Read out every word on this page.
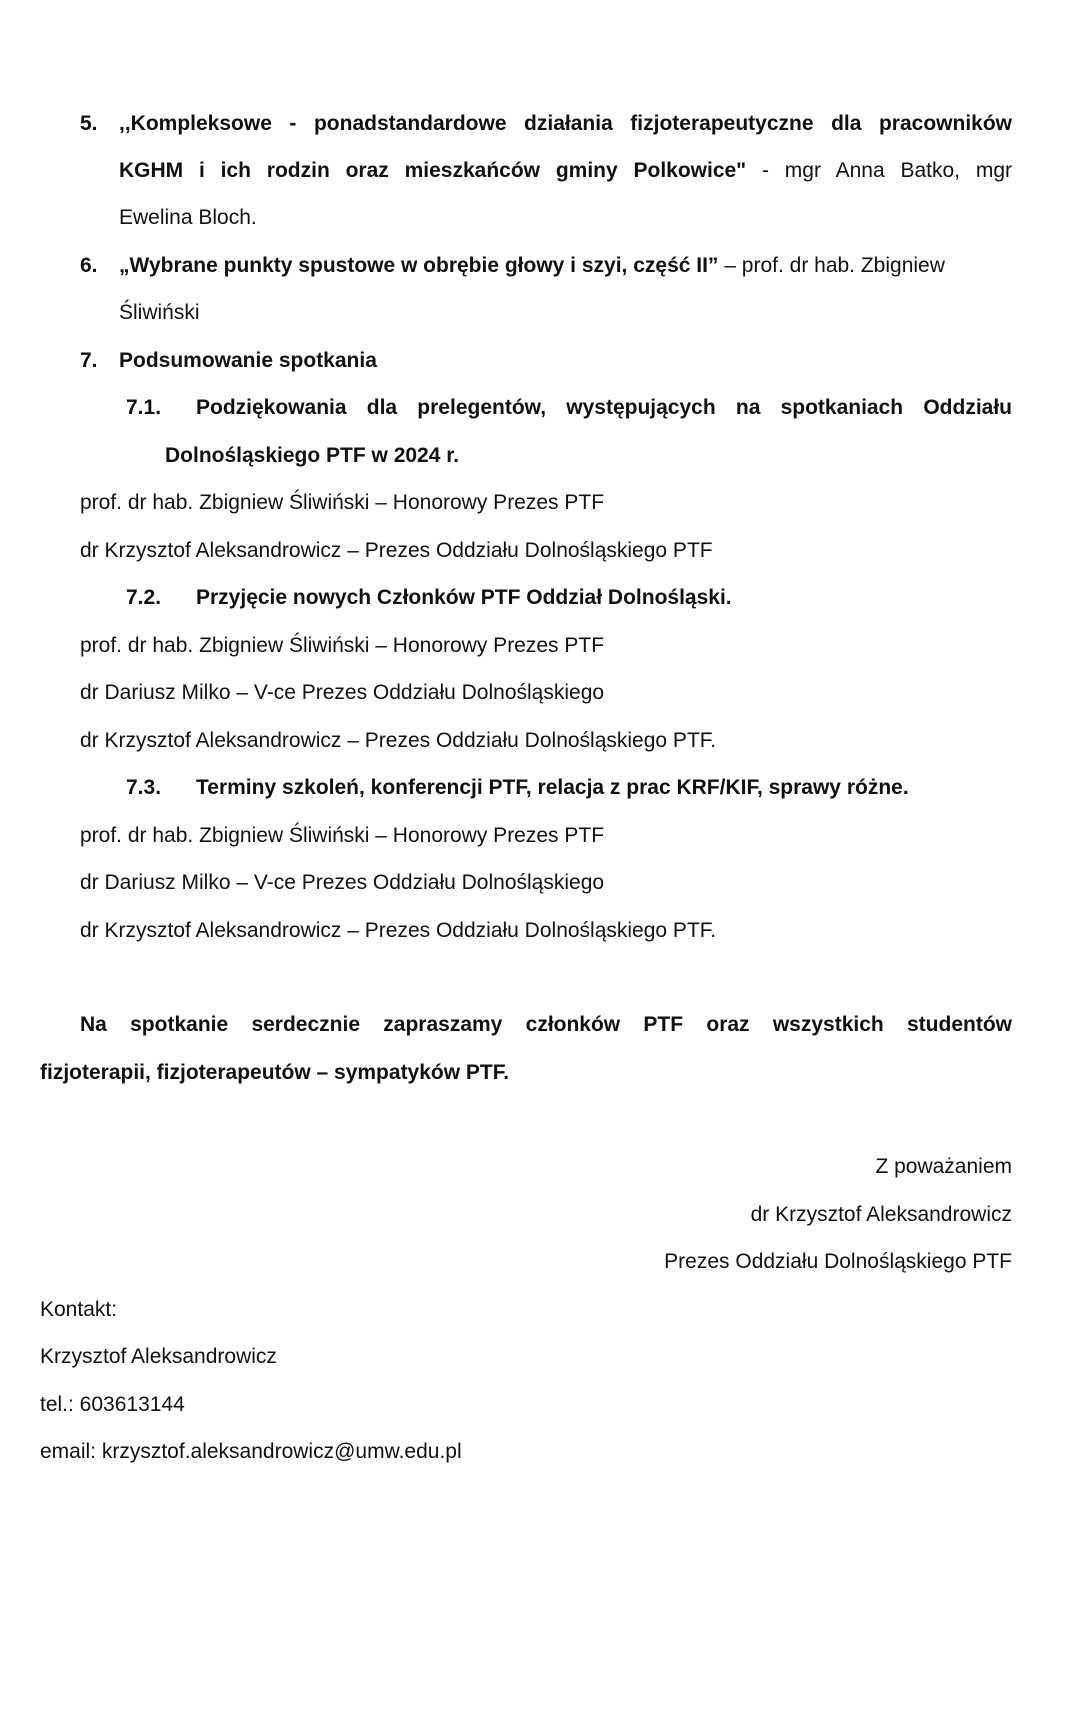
5. ,,Kompleksowe - ponadstandardowe działania fizjoterapeutyczne dla pracowników
KGHM i ich rodzin oraz mieszkańców gminy Polkowice" - mgr Anna Batko, mgr
Ewelina Bloch.
6. „Wybrane punkty spustowe w obrębie głowy i szyi, część II” – prof. dr hab. Zbigniew
Śliwiński
7. Podsumowanie spotkania
7.1. Podziękowania dla prelegentów, występujących na spotkaniach Oddziału
Dolnośląskiego PTF w 2024 r.
prof. dr hab. Zbigniew Śliwiński – Honorowy Prezes PTF
dr Krzysztof Aleksandrowicz – Prezes Oddziału Dolnośląskiego PTF
7.2. Przyjęcie nowych Członków PTF Oddział Dolnośląski.
prof. dr hab. Zbigniew Śliwiński – Honorowy Prezes PTF
dr Dariusz Milko – V-ce Prezes Oddziału Dolnośląskiego
dr Krzysztof Aleksandrowicz – Prezes Oddziału Dolnośląskiego PTF.
7.3. Terminy szkoleń, konferencji PTF, relacja z prac KRF/KIF, sprawy różne.
prof. dr hab. Zbigniew Śliwiński – Honorowy Prezes PTF
dr Dariusz Milko – V-ce Prezes Oddziału Dolnośląskiego
dr Krzysztof Aleksandrowicz – Prezes Oddziału Dolnośląskiego PTF.
Na spotkanie serdecznie zapraszamy członków PTF oraz wszystkich studentów
fizjoterapii, fizjoterapeutów – sympatyków PTF.
Z poważaniem
dr Krzysztof Aleksandrowicz
Prezes Oddziału Dolnośląskiego PTF
Kontakt:
Krzysztof Aleksandrowicz
tel.: 603613144
email: krzysztof.aleksandrowicz@umw.edu.pl
